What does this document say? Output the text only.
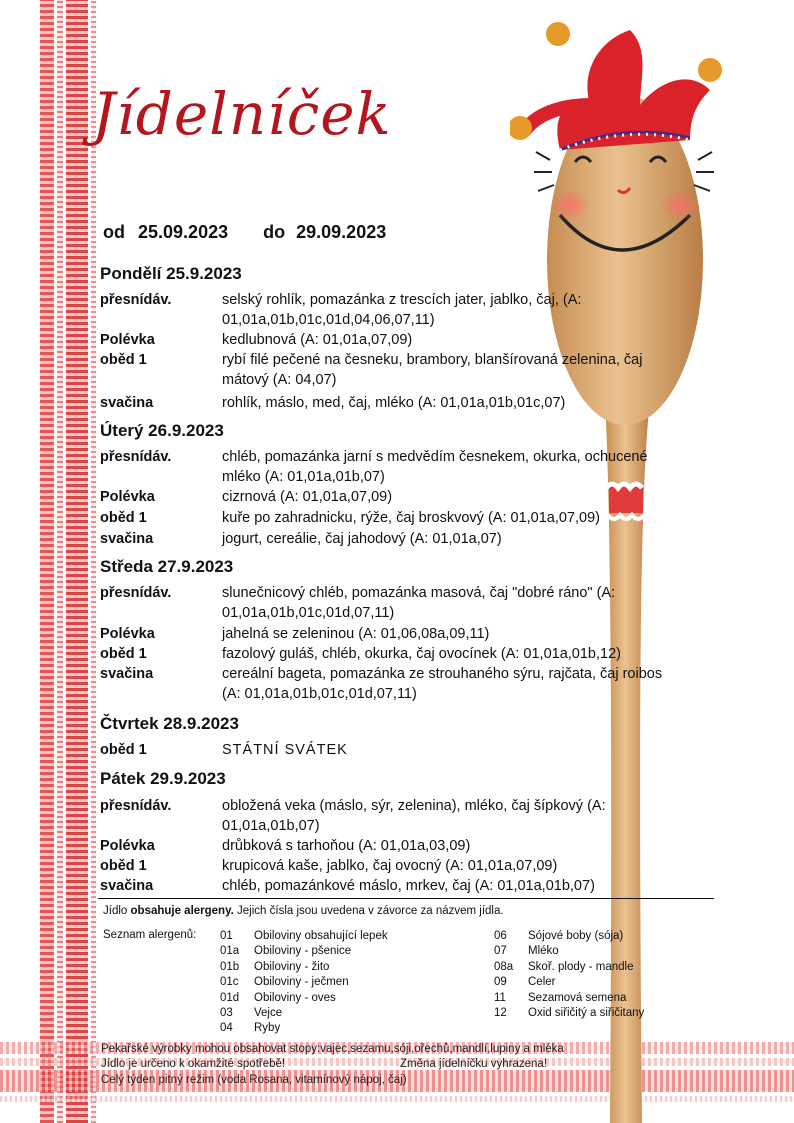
Jídelníček
od 25.09.2023 do 29.09.2023
Pondělí 25.9.2023
přesnídáv.	selský rohlík, pomazánka z trescích jater, jablko, čaj, (A: 01,01a,01b,01c,01d,04,06,07,11)
Polévka	kedlubnová (A: 01,01a,07,09)
oběd 1	rybí filé pečené na česneku, brambory, blanšírovaná zelenina, čaj mátový (A: 04,07)
svačina	rohlík, máslo, med, čaj, mléko (A: 01,01a,01b,01c,07)
Úterý 26.9.2023
přesnídáv.	chléb, pomazánka jarní s medvědím česnekem, okurka, ochucené mléko (A: 01,01a,01b,07)
Polévka	cizrnová (A: 01,01a,07,09)
oběd 1	kuře po zahradnicku, rýže, čaj broskvový (A: 01,01a,07,09)
svačina	jogurt, cereálie, čaj jahodový (A: 01,01a,07)
Středa 27.9.2023
přesnídáv.	slunečnicový chléb, pomazánka masová, čaj "dobré ráno" (A: 01,01a,01b,01c,01d,07,11)
Polévka	jahelná se zeleninou (A: 01,06,08a,09,11)
oběd 1	fazolový guláš, chléb, okurka, čaj ovocínek (A: 01,01a,01b,12)
svačina	cereální bageta, pomazánka ze strouhaného sýru, rajčata, čaj roibos (A: 01,01a,01b,01c,01d,07,11)
Čtvrtek 28.9.2023
oběd 1	STÁTNÍ SVÁTEK
Pátek 29.9.2023
přesnídáv.	obložená veka (máslo, sýr, zelenina), mléko, čaj šípkový (A: 01,01a,01b,07)
Polévka	drůbková s tarhoňou (A: 01,01a,03,09)
oběd 1	krupicová kaše, jablko, čaj ovocný (A: 01,01a,07,09)
svačina	chléb, pomazánkové máslo, mrkev, čaj (A: 01,01a,01b,07)
Jídlo obsahuje alergeny. Jejich čísla jsou uvedena v závorce za názvem jídla.
Seznam alergenů: 01 Obiloviny obsahující lepek
01a Obiloviny - pšenice
01b Obiloviny - žito
01c Obiloviny - ječmen
01d Obiloviny - oves
03 Vejce
04 Ryby
06 Sójové boby (sója)
07 Mléko
08a Skoř. plody - mandle
09 Celer
11 Sezamová semena
12 Oxid siřičitý a siřičitany
Pekařské výrobky mohou obsahovat stopy:vajec,sezamu,sóji,ořechů,mandlí,lupiny a mléka
Jídlo je určeno k okamžité spotřebě!	Změna jídelníčku vyhrazena!
Celý týden pitný režim (voda Rosana, vitamínový nápoj, čaj)
